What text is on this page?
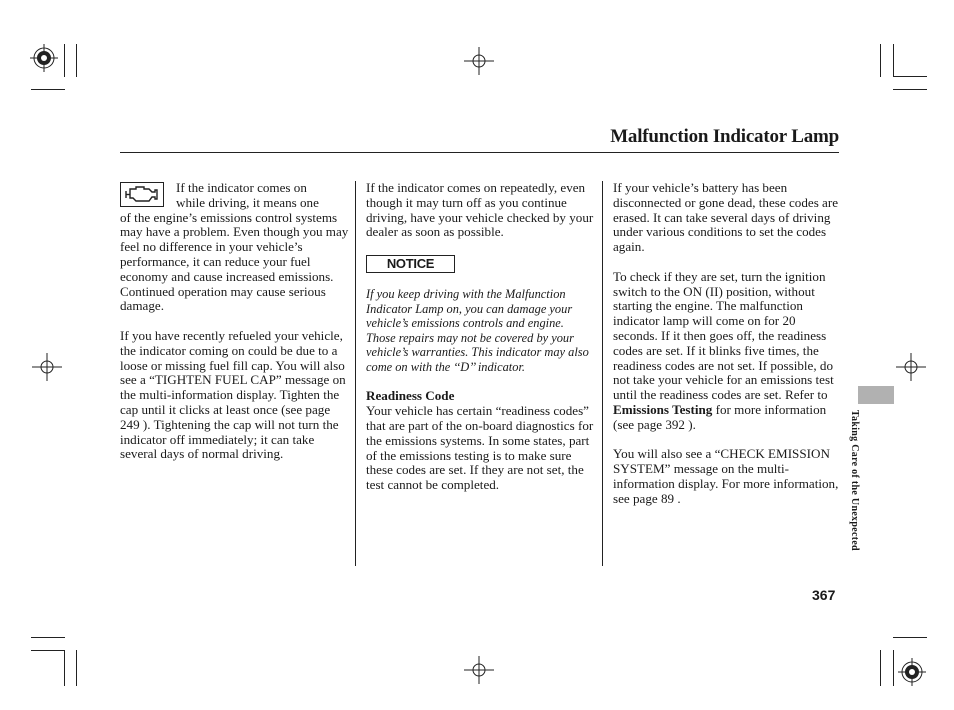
Malfunction Indicator Lamp

If the indicator comes on

while driving, it means one

of the engine’s emissions control systems may have a problem. Even though you may feel no difference in your vehicle’s performance, it can reduce your fuel economy and cause increased emissions. Continued operation may cause serious damage.

If you have recently refueled your vehicle, the indicator coming on could be due to a loose or missing fuel fill cap. You will also see a “TIGHTEN FUEL CAP” message on the multi-information display. Tighten the cap until it clicks at least once (see page 249 ). Tightening the cap will not turn the indicator off immediately; it can take several days of normal driving.

If the indicator comes on repeatedly, even though it may turn off as you continue driving, have your vehicle checked by your dealer as soon as possible.

NOTICE

If you keep driving with the Malfunction Indicator Lamp on, you can damage your vehicle’s emissions controls and engine. Those repairs may not be covered by your vehicle’s warranties. This indicator may also come on with the ‘‘D’’ indicator.

Readiness Code

Your vehicle has certain “readiness codes” that are part of the on-board diagnostics for the emissions systems. In some states, part of the emissions testing is to make sure these codes are set. If they are not set, the test cannot be completed.

If your vehicle’s battery has been disconnected or gone dead, these codes are erased. It can take several days of driving under various conditions to set the codes again.

To check if they are set, turn the ignition switch to the ON (II) position, without starting the engine. The malfunction indicator lamp will come on for 20 seconds. If it then goes off, the readiness codes are set. If it blinks five times, the readiness codes are not set. If possible, do not take your vehicle for an emissions test until the readiness codes are set. Refer to Emissions Testing for more information (see page 392 ).

You will also see a “CHECK EMISSION SYSTEM” message on the multi-information display. For more information, see page 89 .	Taking Care of the Unexpected
367
